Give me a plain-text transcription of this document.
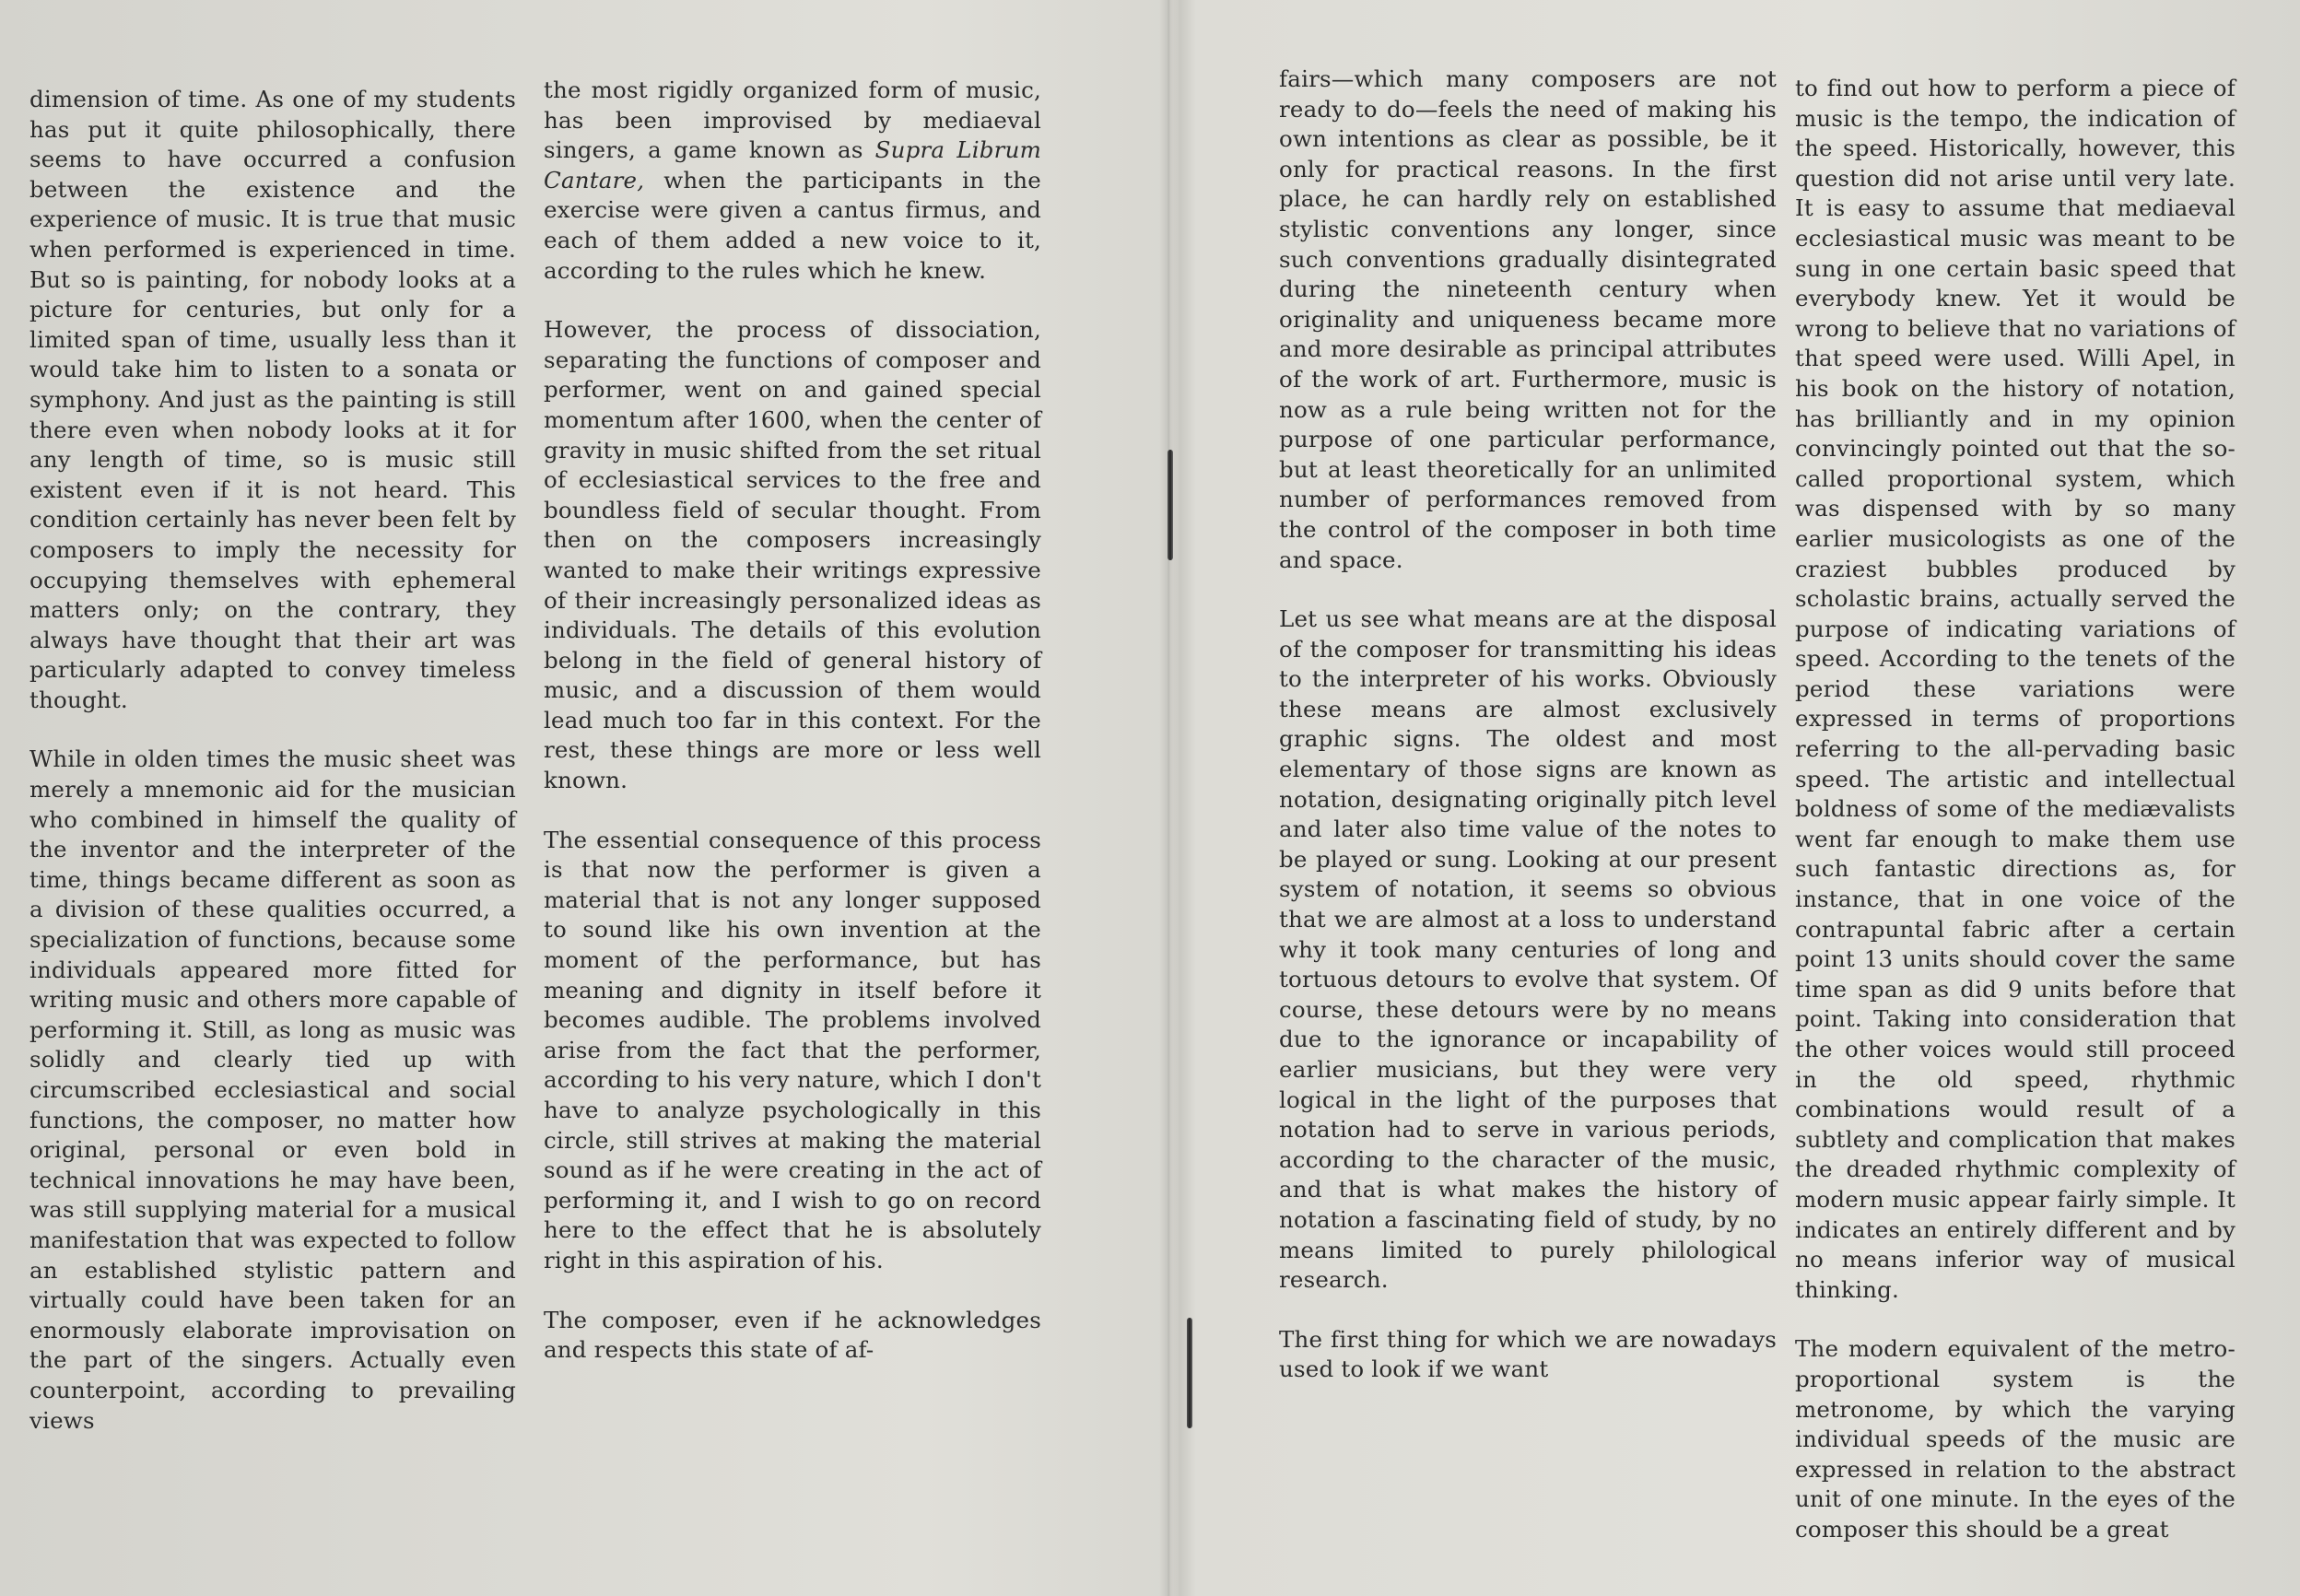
dimension of time. As one of my students has put it quite philosophically, there seems to have occurred a confusion between the existence and the experience of music. It is true that music when performed is experienced in time. But so is painting, for nobody looks at a picture for centuries, but only for a limited span of time, usually less than it would take him to listen to a sonata or symphony. And just as the painting is still there even when nobody looks at it for any length of time, so is music still existent even if it is not heard. This condition certainly has never been felt by composers to imply the necessity for occupying themselves with ephemeral matters only; on the contrary, they always have thought that their art was particularly adapted to convey timeless thought.

While in olden times the music sheet was merely a mnemonic aid for the musician who combined in himself the quality of the inventor and the interpreter of the time, things became different as soon as a division of these qualities occurred, a specialization of functions, because some individuals appeared more fitted for writing music and others more capable of performing it. Still, as long as music was solidly and clearly tied up with circumscribed ecclesiastical and social functions, the composer, no matter how original, personal or even bold in technical innovations he may have been, was still supplying material for a musical manifestation that was expected to follow an established stylistic pattern and virtually could have been taken for an enormously elaborate improvisation on the part of the singers. Actually even counterpoint, according to prevailing views

the most rigidly organized form of music, has been improvised by mediaeval singers, a game known as Supra Librum Cantare, when the participants in the exercise were given a cantus firmus, and each of them added a new voice to it, according to the rules which he knew.

However, the process of dissociation, separating the functions of composer and performer, went on and gained special momentum after 1600, when the center of gravity in music shifted from the set ritual of ecclesiastical services to the free and boundless field of secular thought. From then on the composers increasingly wanted to make their writings expressive of their increasingly personalized ideas as individuals. The details of this evolution belong in the field of general history of music, and a discussion of them would lead much too far in this context. For the rest, these things are more or less well known.

The essential consequence of this process is that now the performer is given a material that is not any longer supposed to sound like his own invention at the moment of the performance, but has meaning and dignity in itself before it becomes audible. The problems involved arise from the fact that the performer, according to his very nature, which I don't have to analyze psychologically in this circle, still strives at making the material sound as if he were creating in the act of performing it, and I wish to go on record here to the effect that he is absolutely right in this aspiration of his.

The composer, even if he acknowledges and respects this state of af-

fairs—which many composers are not ready to do—feels the need of making his own intentions as clear as possible, be it only for practical reasons. In the first place, he can hardly rely on established stylistic conventions any longer, since such conventions gradually disintegrated during the nineteenth century when originality and uniqueness became more and more desirable as principal attributes of the work of art. Furthermore, music is now as a rule being written not for the purpose of one particular performance, but at least theoretically for an unlimited number of performances removed from the control of the composer in both time and space.

Let us see what means are at the disposal of the composer for transmitting his ideas to the interpreter of his works. Obviously these means are almost exclusively graphic signs. The oldest and most elementary of those signs are known as notation, designating originally pitch level and later also time value of the notes to be played or sung. Looking at our present system of notation, it seems so obvious that we are almost at a loss to understand why it took many centuries of long and tortuous detours to evolve that system. Of course, these detours were by no means due to the ignorance or incapability of earlier musicians, but they were very logical in the light of the purposes that notation had to serve in various periods, according to the character of the music, and that is what makes the history of notation a fascinating field of study, by no means limited to purely philological research.

The first thing for which we are nowadays used to look if we want

to find out how to perform a piece of music is the tempo, the indication of the speed. Historically, however, this question did not arise until very late. It is easy to assume that mediaeval ecclesiastical music was meant to be sung in one certain basic speed that everybody knew. Yet it would be wrong to believe that no variations of that speed were used. Willi Apel, in his book on the history of notation, has brilliantly and in my opinion convincingly pointed out that the so-called proportional system, which was dispensed with by so many earlier musicologists as one of the craziest bubbles produced by scholastic brains, actually served the purpose of indicating variations of speed. According to the tenets of the period these variations were expressed in terms of proportions referring to the all-pervading basic speed. The artistic and intellectual boldness of some of the mediævalists went far enough to make them use such fantastic directions as, for instance, that in one voice of the contrapuntal fabric after a certain point 13 units should cover the same time span as did 9 units before that point. Taking into consideration that the other voices would still proceed in the old speed, rhythmic combinations would result of a subtlety and complication that makes the dreaded rhythmic complexity of modern music appear fairly simple. It indicates an entirely different and by no means inferior way of musical thinking.

The modern equivalent of the metro-proportional system is the metronome, by which the varying individual speeds of the music are expressed in relation to the abstract unit of one minute. In the eyes of the composer this should be a great
